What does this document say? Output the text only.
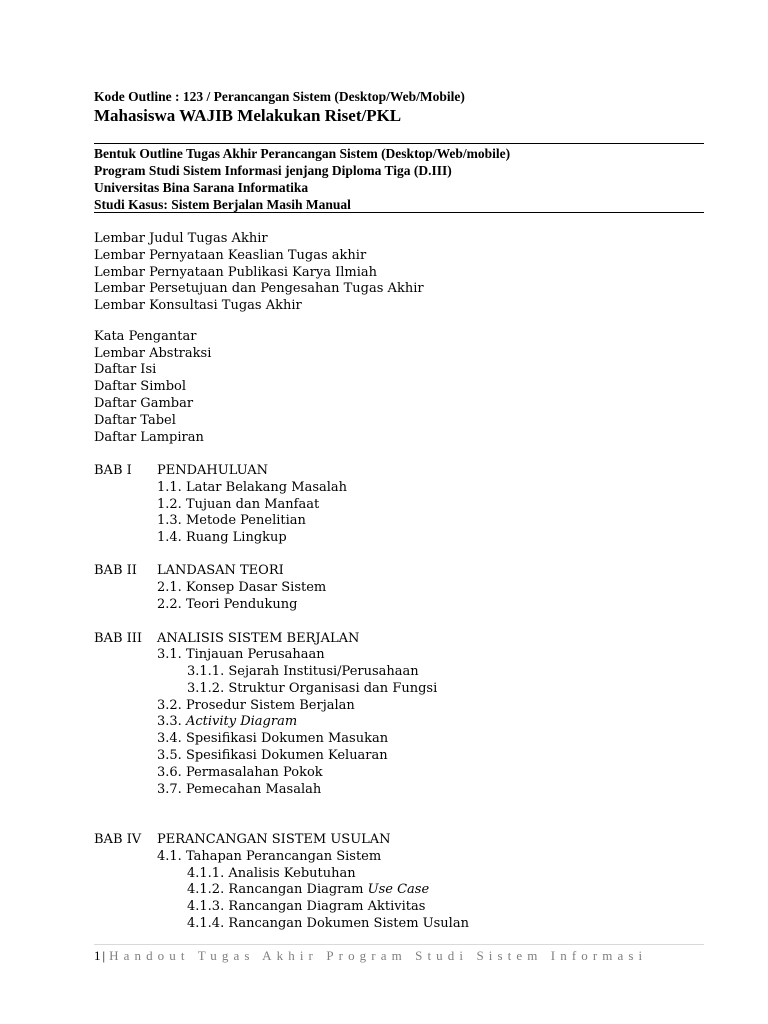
Kode Outline : 123 / Perancangan Sistem (Desktop/Web/Mobile)
Mahasiswa WAJIB Melakukan Riset/PKL
Bentuk Outline Tugas Akhir Perancangan Sistem (Desktop/Web/mobile)
Program Studi Sistem Informasi jenjang Diploma Tiga (D.III)
Universitas Bina Sarana Informatika
Studi Kasus: Sistem Berjalan Masih Manual
Lembar Judul Tugas Akhir
Lembar Pernyataan Keaslian Tugas akhir
Lembar Pernyataan Publikasi Karya Ilmiah
Lembar Persetujuan dan Pengesahan Tugas Akhir
Lembar Konsultasi Tugas Akhir
Kata Pengantar
Lembar Abstraksi
Daftar Isi
Daftar Simbol
Daftar Gambar
Daftar Tabel
Daftar Lampiran
BAB I PENDAHULUAN
1.1. Latar Belakang Masalah
1.2. Tujuan dan Manfaat
1.3. Metode Penelitian
1.4. Ruang Lingkup
BAB II LANDASAN TEORI
2.1. Konsep Dasar Sistem
2.2. Teori Pendukung
BAB III ANALISIS SISTEM BERJALAN
3.1. Tinjauan Perusahaan
3.1.1. Sejarah Institusi/Perusahaan
3.1.2. Struktur Organisasi dan Fungsi
3.2. Prosedur Sistem Berjalan
3.3. Activity Diagram
3.4. Spesifikasi Dokumen Masukan
3.5. Spesifikasi Dokumen Keluaran
3.6. Permasalahan Pokok
3.7. Pemecahan Masalah
BAB IV PERANCANGAN SISTEM USULAN
4.1. Tahapan Perancangan Sistem
4.1.1. Analisis Kebutuhan
4.1.2. Rancangan Diagram Use Case
4.1.3. Rancangan Diagram Aktivitas
4.1.4. Rancangan Dokumen Sistem Usulan
1 | Handout Tugas Akhir Program Studi Sistem Informasi
